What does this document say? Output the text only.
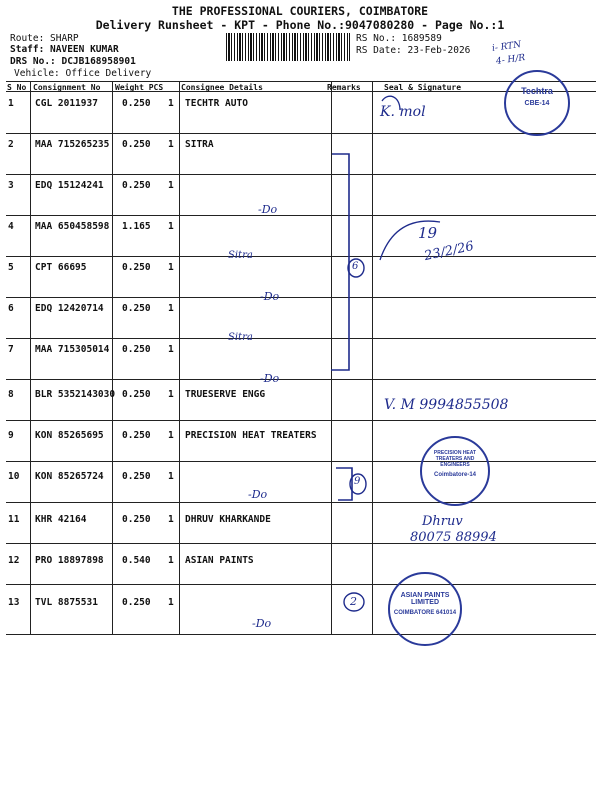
THE PROFESSIONAL COURIERS, COIMBATORE
Delivery Runsheet - KPT - Phone No.:9047080280 - Page No.:1
Route: SHARP
Staff: NAVEEN KUMAR
DRS No.: DCJB168958901
Vehicle: Office Delivery
RS No.: 1689589
RS Date: 23-Feb-2026 i- RTN
4- H/R
S No Consignment No Weight PCS Consignee Details	Remarks	Seal & Signature
1 CGL 2011937	0.250 1 TECHTR AUTO
2 MAA 715265235 0.250 1 SITRA
3 EDQ 15124241 0.250 1
4 MAA 650458598 1.165 1
5 CPT 66695	0.250 1
6 EDQ 12420714 0.250 1
7 MAA 715305014 0.250 1
8 BLR 5352143030 0.250 1 TRUESERVE ENGG
9 KON 85265695 0.250 1 PRECISION HEAT TREATERS
10 KON 85265724 0.250 1
11 KHR 42164	0.250 1 DHRUV KHARKANDE
12 PRO 18897898 0.540 1 ASIAN PAINTS
13 TVL 8875531	0.250 1
K. mol
-Do
Sitra
-Do
Sitra
-Do
V. M 9994855508
-Do
Dhruv
80075 88994
-Do
6
9
2
19
23/2/26
Techtra
CBE-14
PRECISION HEAT TREATERS AND ENGINEERS
Coimbatore-14
ASIAN PAINTS LIMITED
COIMBATORE 641014
